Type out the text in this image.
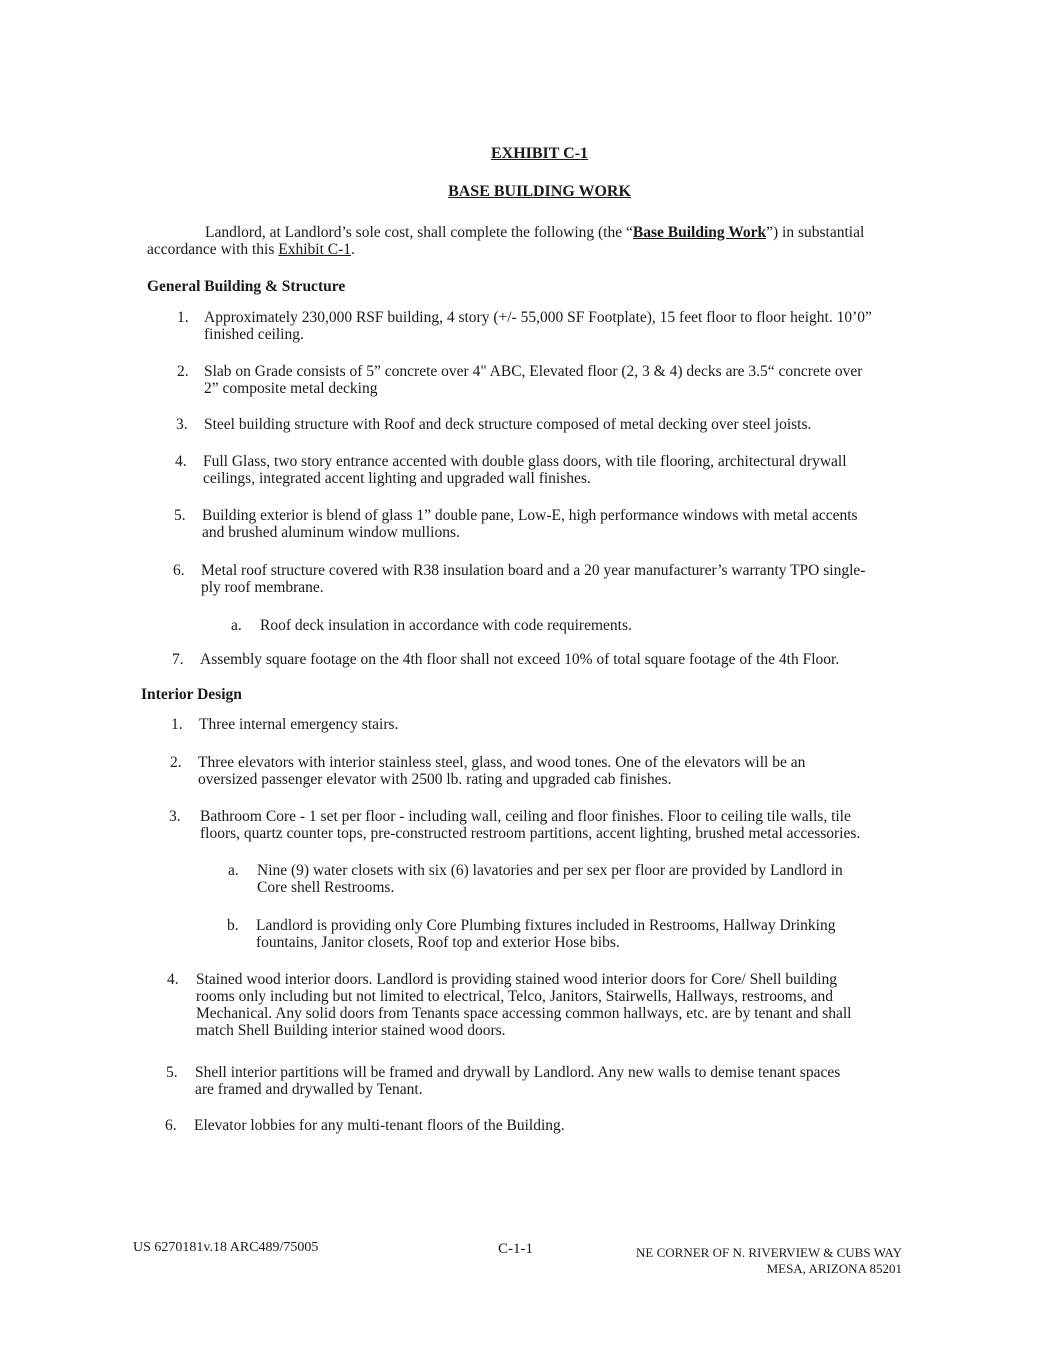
EXHIBIT C-1
BASE BUILDING WORK
Landlord, at Landlord’s sole cost, shall complete the following (the “Base Building Work”) in substantial
accordance with this Exhibit C-1.
General Building & Structure
1. Approximately 230,000 RSF building, 4 story (+/- 55,000 SF Footplate), 15 feet floor to floor height. 10’0”
finished ceiling.
2. Slab on Grade consists of 5” concrete over 4" ABC, Elevated floor (2, 3 & 4) decks are 3.5“ concrete over
2” composite metal decking
3. Steel building structure with Roof and deck structure composed of metal decking over steel joists.
4. Full Glass, two story entrance accented with double glass doors, with tile flooring, architectural drywall
ceilings, integrated accent lighting and upgraded wall finishes.
5. Building exterior is blend of glass 1” double pane, Low-E, high performance windows with metal accents
and brushed aluminum window mullions.
6. Metal roof structure covered with R38 insulation board and a 20 year manufacturer’s warranty TPO single-
ply roof membrane.
a. Roof deck insulation in accordance with code requirements.
7. Assembly square footage on the 4th floor shall not exceed 10% of total square footage of the 4th Floor.
Interior Design
1. Three internal emergency stairs.
2. Three elevators with interior stainless steel, glass, and wood tones. One of the elevators will be an
oversized passenger elevator with 2500 lb. rating and upgraded cab finishes.
3. Bathroom Core - 1 set per floor - including wall, ceiling and floor finishes. Floor to ceiling tile walls, tile
floors, quartz counter tops, pre-constructed restroom partitions, accent lighting, brushed metal accessories.
a. Nine (9) water closets with six (6) lavatories and per sex per floor are provided by Landlord in
Core shell Restrooms.
b. Landlord is providing only Core Plumbing fixtures included in Restrooms, Hallway Drinking
fountains, Janitor closets, Roof top and exterior Hose bibs.
4. Stained wood interior doors. Landlord is providing stained wood interior doors for Core/ Shell building
rooms only including but not limited to electrical, Telco, Janitors, Stairwells, Hallways, restrooms, and
Mechanical. Any solid doors from Tenants space accessing common hallways, etc. are by tenant and shall
match Shell Building interior stained wood doors.
5. Shell interior partitions will be framed and drywall by Landlord. Any new walls to demise tenant spaces
are framed and drywalled by Tenant.
6. Elevator lobbies for any multi-tenant floors of the Building.
US 6270181v.18 ARC489/75005	C-1-1	NE CORNER OF N. RIVERVIEW & CUBS WAY
MESA, ARIZONA 85201
